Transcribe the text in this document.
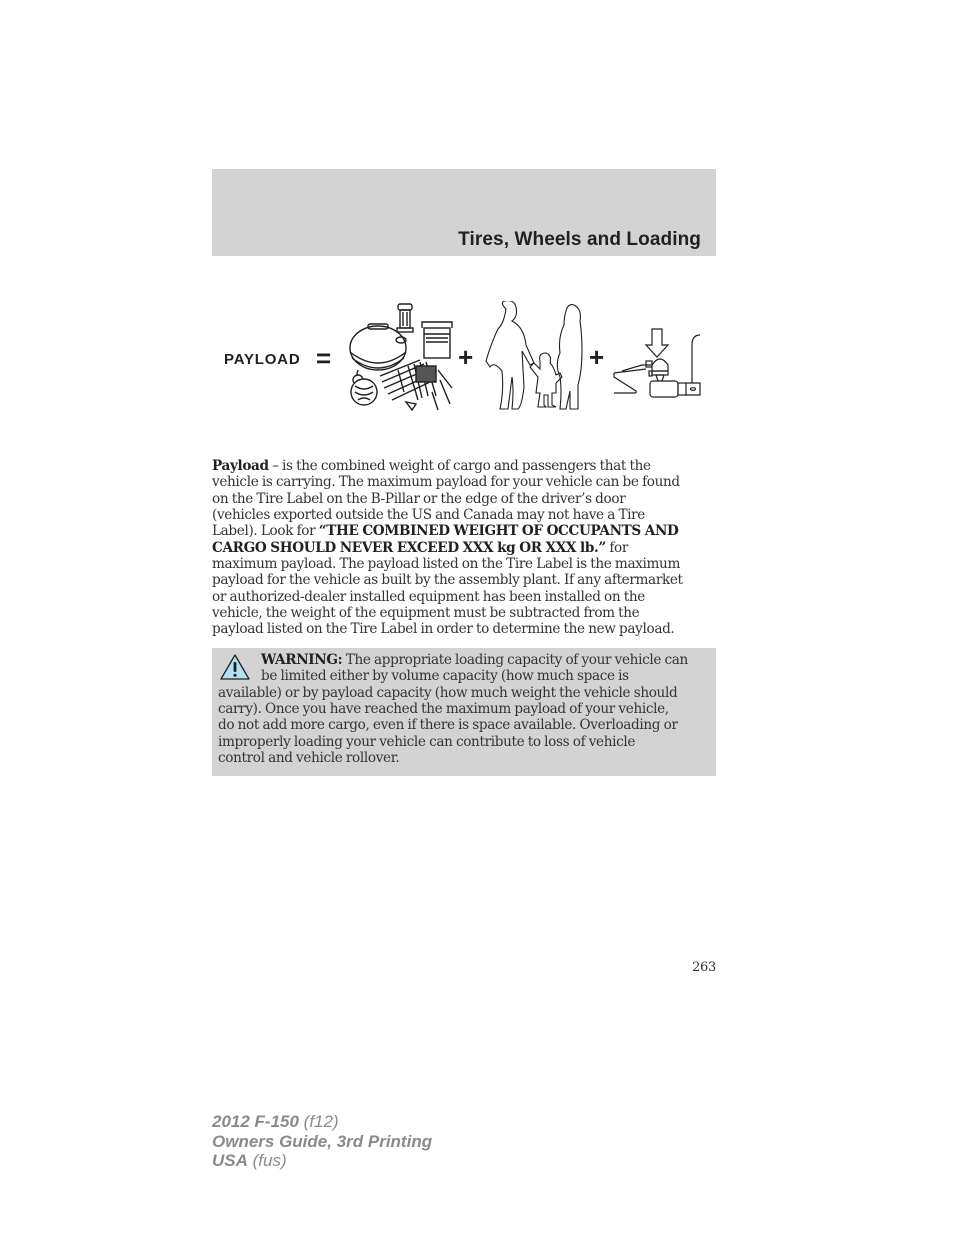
Tires, Wheels and Loading
PAYLOAD =	+	+
Payload – is the combined weight of cargo and passengers that the
vehicle is carrying. The maximum payload for your vehicle can be found
on the Tire Label on the B-Pillar or the edge of the driver’s door
(vehicles exported outside the US and Canada may not have a Tire
Label). Look for “THE COMBINED WEIGHT OF OCCUPANTS AND
CARGO SHOULD NEVER EXCEED XXX kg OR XXX lb.” for
maximum payload. The payload listed on the Tire Label is the maximum
payload for the vehicle as built by the assembly plant. If any aftermarket
or authorized-dealer installed equipment has been installed on the
vehicle, the weight of the equipment must be subtracted from the
payload listed on the Tire Label in order to determine the new payload.
WARNING: The appropriate loading capacity of your vehicle can
be limited either by volume capacity (how much space is
available) or by payload capacity (how much weight the vehicle should
carry). Once you have reached the maximum payload of your vehicle,
do not add more cargo, even if there is space available. Overloading or
improperly loading your vehicle can contribute to loss of vehicle
control and vehicle rollover.
263
2012 F-150 (f12)
Owners Guide, 3rd Printing
USA (fus)
